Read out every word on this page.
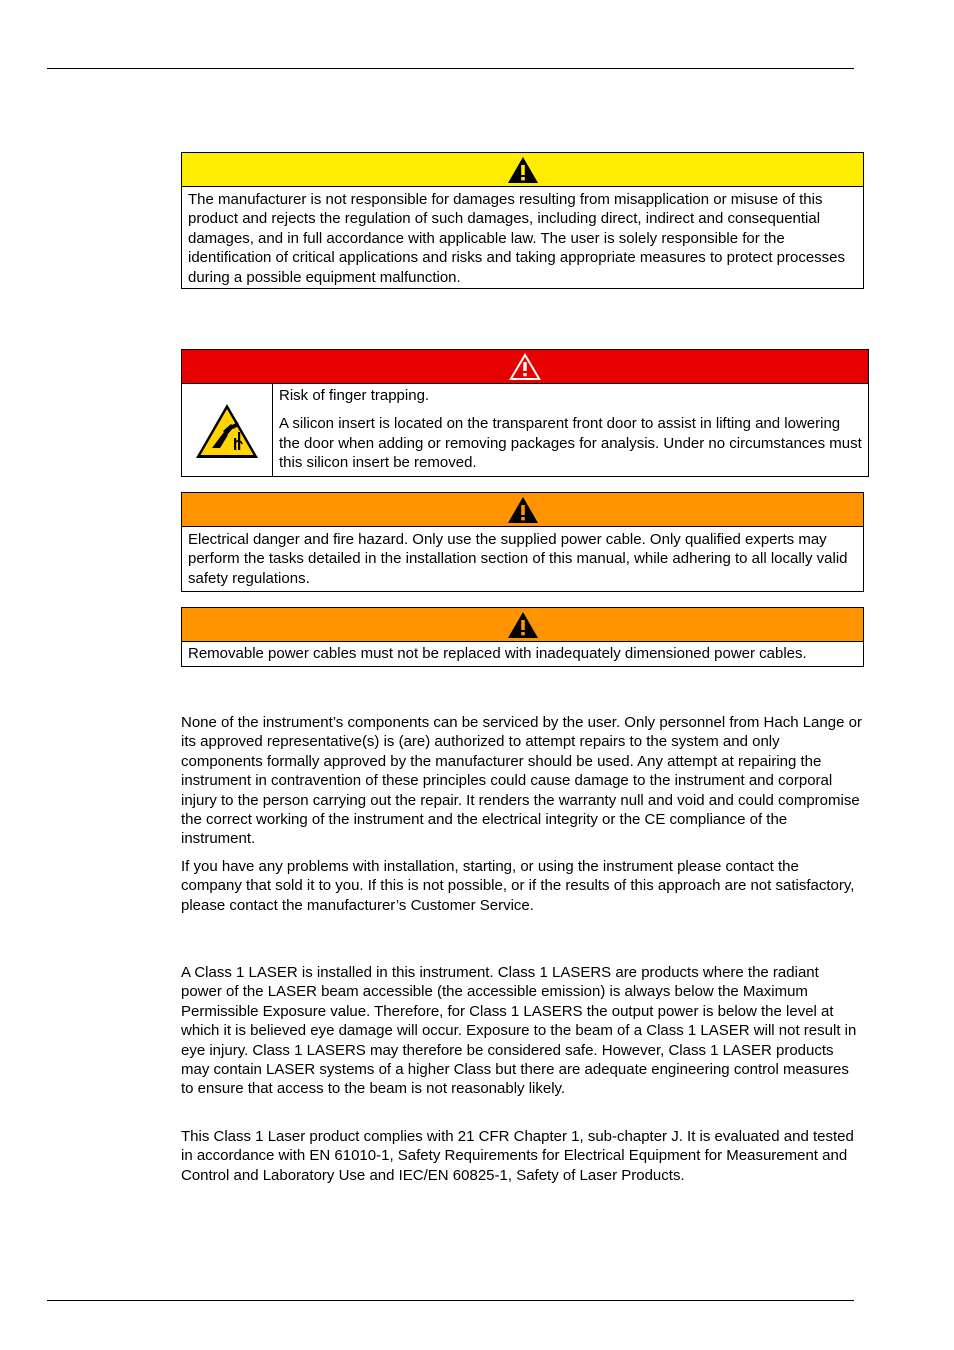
The manufacturer is not responsible for damages resulting from misapplication or misuse of this product and rejects the regulation of such damages, including direct, indirect and consequential damages, and in full accordance with applicable law. The user is solely responsible for the identification of critical applications and risks and taking appropriate measures to protect processes during a possible equipment malfunction.

Risk of finger trapping.

A silicon insert is located on the transparent front door to assist in lifting and lowering the door when adding or removing packages for analysis. Under no circumstances must this silicon insert be removed.

Electrical danger and fire hazard. Only use the supplied power cable. Only qualified experts may perform the tasks detailed in the installation section of this manual, while adhering to all locally valid safety regulations.
Removable power cables must not be replaced with inadequately dimensioned power cables.

None of the instrument’s components can be serviced by the user. Only personnel from Hach Lange or its approved representative(s) is (are) authorized to attempt repairs to the system and only components formally approved by the manufacturer should be used. Any attempt at repairing the instrument in contravention of these principles could cause damage to the instrument and corporal injury to the person carrying out the repair. It renders the warranty null and void and could compromise the correct working of the instrument and the electrical integrity or the CE compliance of the instrument.

If you have any problems with installation, starting, or using the instrument please contact the company that sold it to you. If this is not possible, or if the results of this approach are not satisfactory, please contact the manufacturer’s Customer Service.

A Class 1 LASER is installed in this instrument. Class 1 LASERS are products where the radiant power of the LASER beam accessible (the accessible emission) is always below the Maximum Permissible Exposure value. Therefore, for Class 1 LASERS the output power is below the level at which it is believed eye damage will occur. Exposure to the beam of a Class 1 LASER will not result in eye injury. Class 1 LASERS may therefore be considered safe. However, Class 1 LASER products may contain LASER systems of a higher Class but there are adequate engineering control measures to ensure that access to the beam is not reasonably likely.

This Class 1 Laser product complies with 21 CFR Chapter 1, sub-chapter J. It is evaluated and tested in accordance with EN 61010-1, Safety Requirements for Electrical Equipment for Measurement and Control and Laboratory Use and IEC/EN 60825-1, Safety of Laser Products.
